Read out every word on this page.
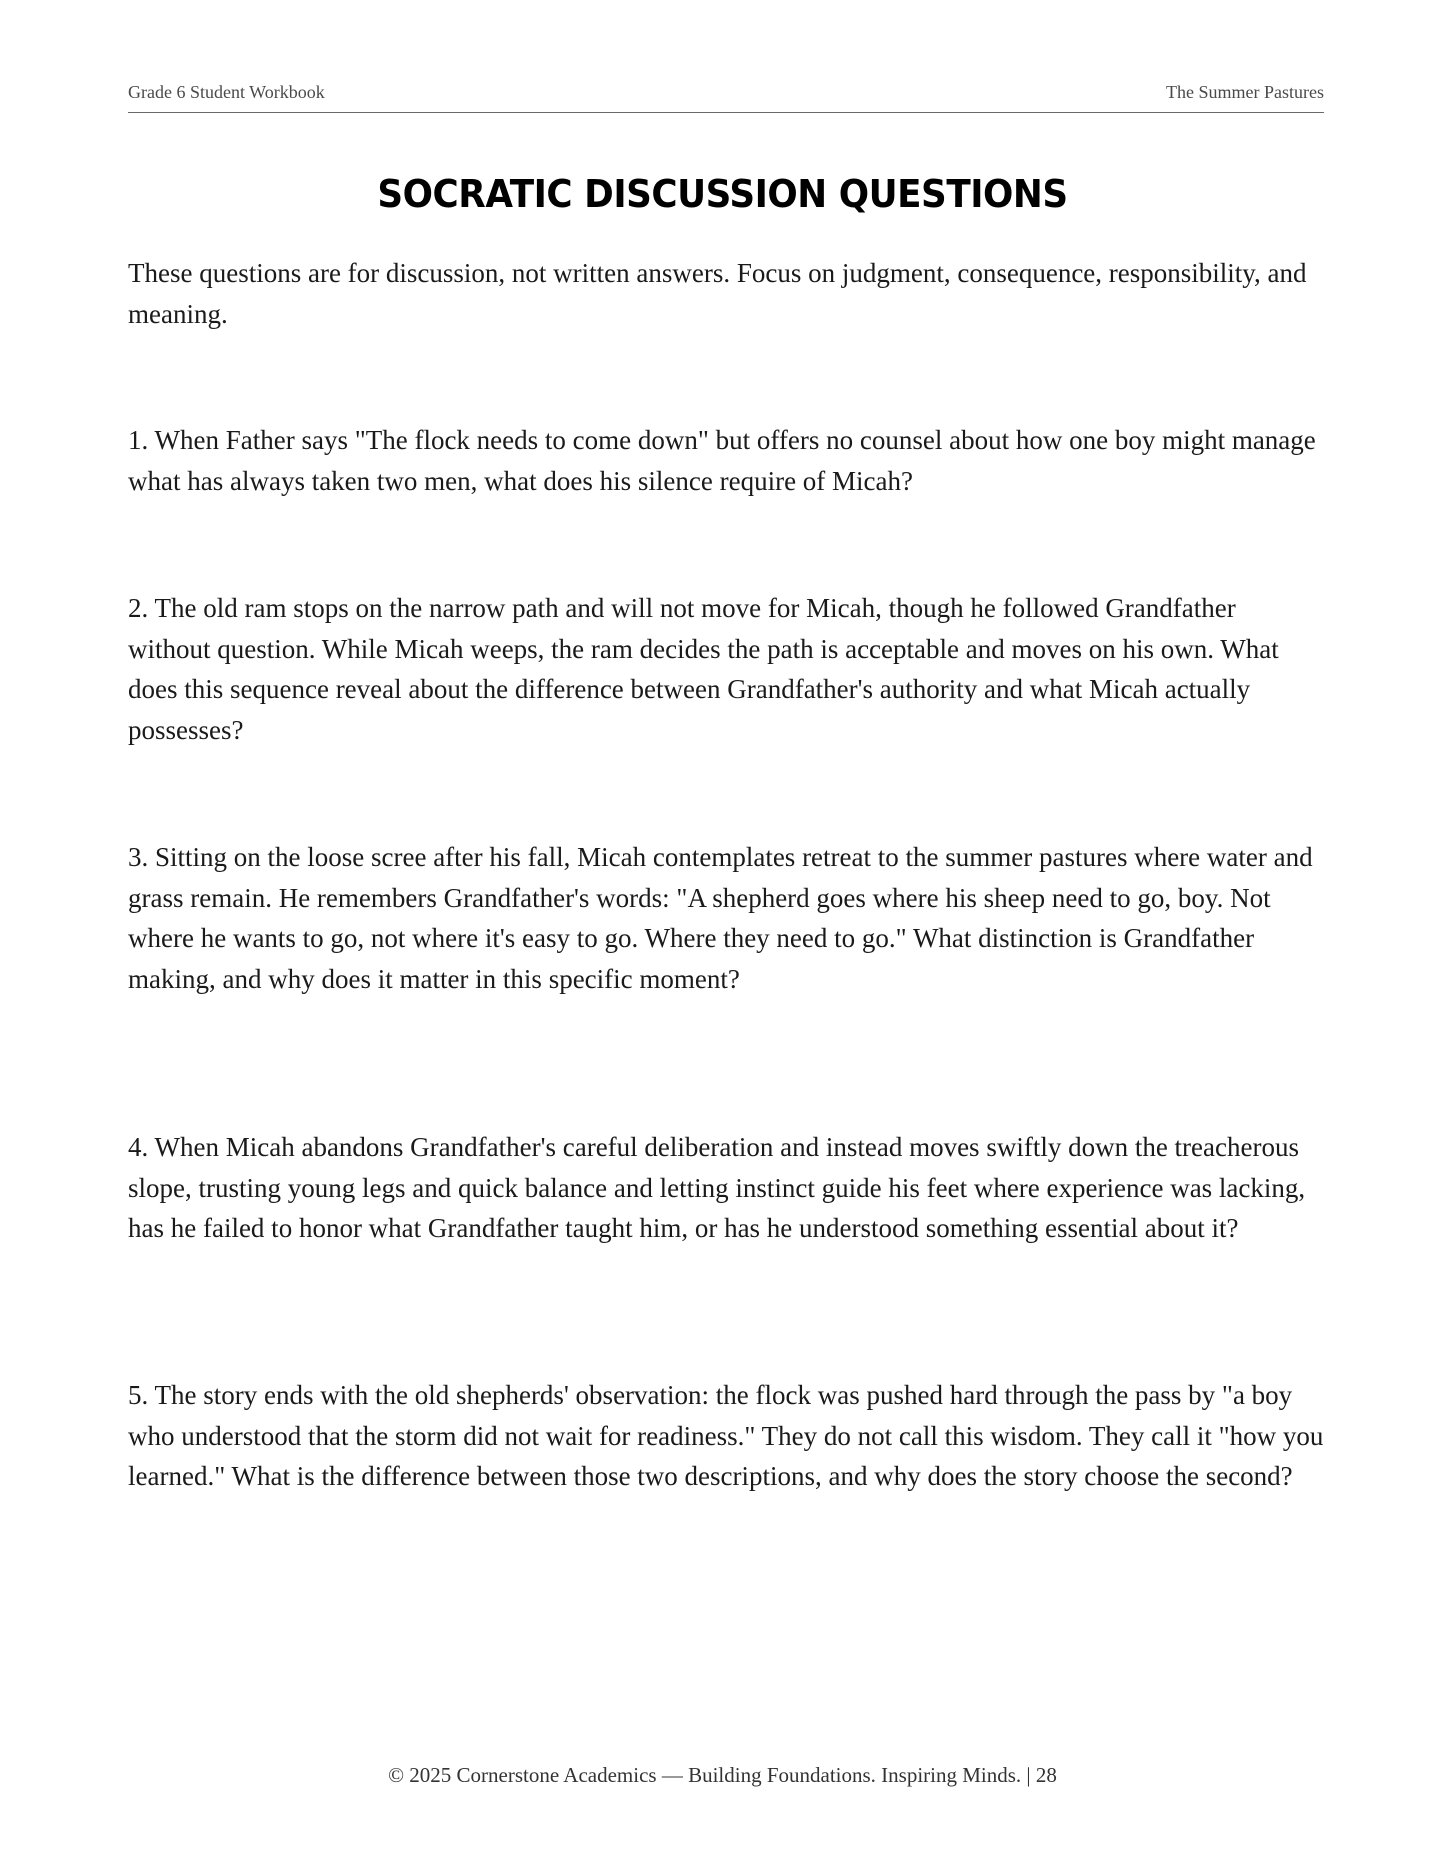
Grade 6 Student Workbook	The Summer Pastures
SOCRATIC DISCUSSION QUESTIONS
These questions are for discussion, not written answers. Focus on judgment, consequence, responsibility, and meaning.
1. When Father says "The flock needs to come down" but offers no counsel about how one boy might manage what has always taken two men, what does his silence require of Micah?
2. The old ram stops on the narrow path and will not move for Micah, though he followed Grandfather without question. While Micah weeps, the ram decides the path is acceptable and moves on his own. What does this sequence reveal about the difference between Grandfather's authority and what Micah actually possesses?
3. Sitting on the loose scree after his fall, Micah contemplates retreat to the summer pastures where water and grass remain. He remembers Grandfather's words: "A shepherd goes where his sheep need to go, boy. Not where he wants to go, not where it's easy to go. Where they need to go." What distinction is Grandfather making, and why does it matter in this specific moment?
4. When Micah abandons Grandfather's careful deliberation and instead moves swiftly down the treacherous slope, trusting young legs and quick balance and letting instinct guide his feet where experience was lacking, has he failed to honor what Grandfather taught him, or has he understood something essential about it?
5. The story ends with the old shepherds' observation: the flock was pushed hard through the pass by "a boy who understood that the storm did not wait for readiness." They do not call this wisdom. They call it "how you learned." What is the difference between those two descriptions, and why does the story choose the second?
© 2025 Cornerstone Academics — Building Foundations. Inspiring Minds. | 28
